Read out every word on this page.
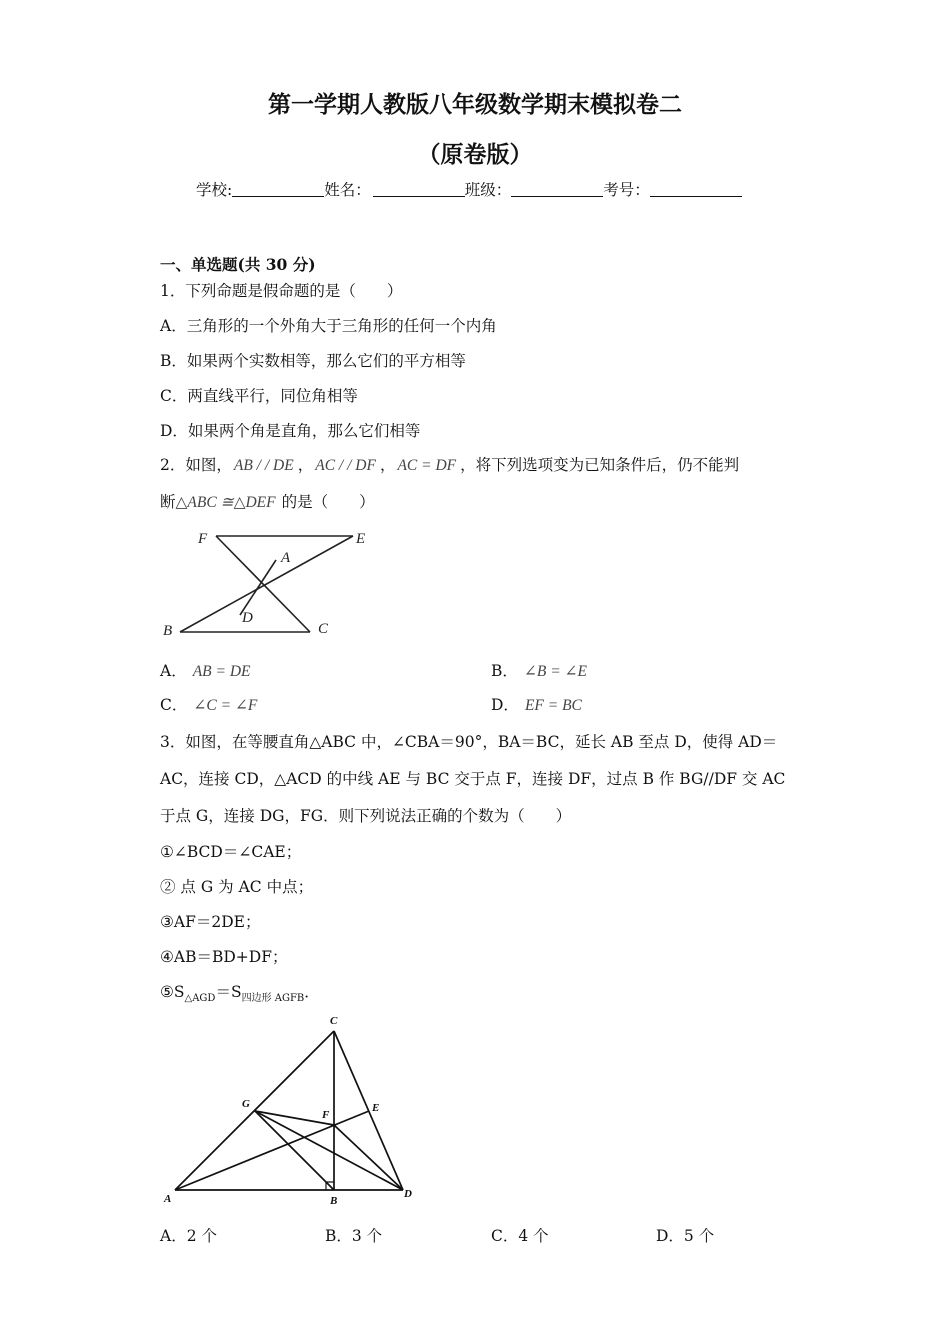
第一学期人教版八年级数学期末模拟卷二
（原卷版）
学校:	姓名：	班级：	考号：
一、单选题(共 30 分)
1．下列命题是假命题的是（　　）
A．三角形的一个外角大于三角形的任何一个内角
B．如果两个实数相等，那么它们的平方相等
C．两直线平行，同位角相等
D．如果两个角是直角，那么它们相等
2．如图， AB / / DE ， AC / / DF ， AC = DF ，将下列选项变为已知条件后，仍不能判
断△ABC ≅△DEF 的是（　　）
F	E
A
D
B	C
A． AB = DE	B． ∠B = ∠E
C． ∠C = ∠F	D． EF = BC
3．如图，在等腰直角△ABC 中，∠CBA＝90°，BA＝BC，延长 AB 至点 D，使得 AD＝
AC，连接 CD，△ACD 的中线 AE 与 BC 交于点 F，连接 DF，过点 B 作 BG//DF 交 AC
于点 G，连接 DG，FG．则下列说法正确的个数为（　　）
①∠BCD＝∠CAE；
② 点 G 为 AC 中点；
③AF＝2DE；
④AB＝BD+DF；
$⑤S_{\triangle AGD}=S_{四边形 AGFB}$．
C
G
F
E
A	B
D
A．2 个	B．3 个	C．4 个	D．5 个
